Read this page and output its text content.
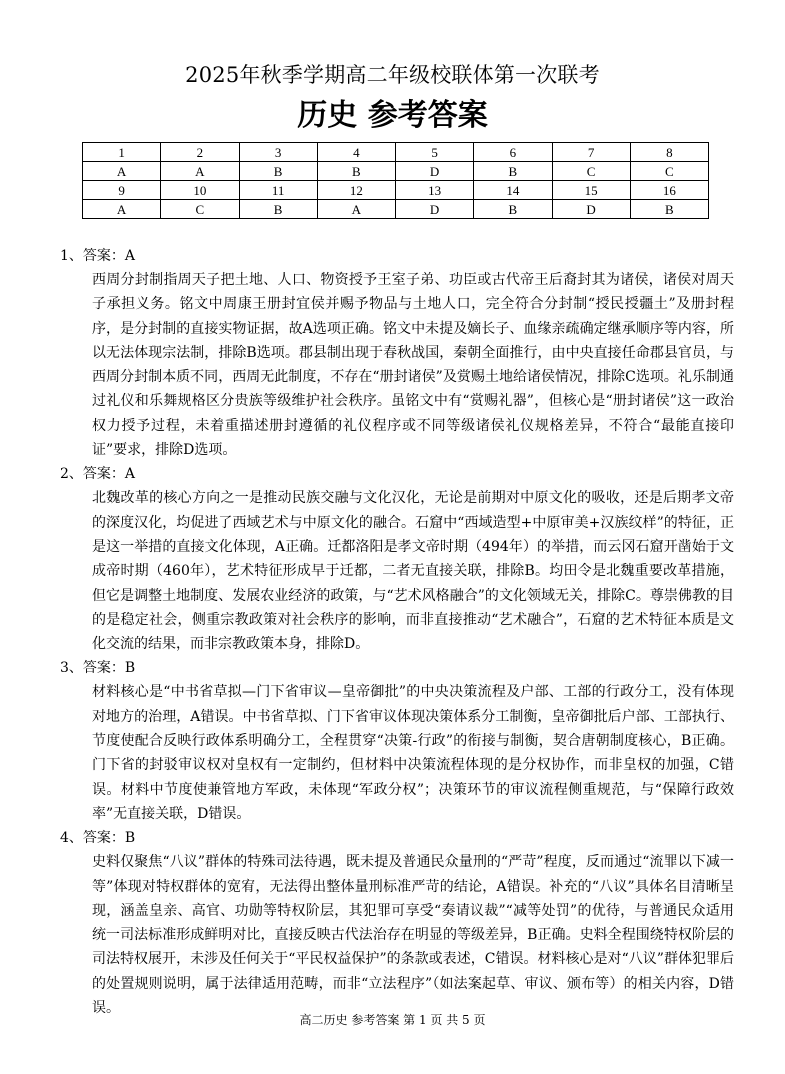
2025年秋季学期高二年级校联体第一次联考
历史 参考答案
1	2	3	4	5	6	7	8
A	A	B	B	D	B	C	C
9	10	11	12	13	14	15	16
A	C	B	A	D	B	D	B
1、答案：A
西周分封制指周天子把土地、人口、物资授予王室子弟、功臣或古代帝王后裔封其为诸侯，诸侯对周天子承担义务。铭文中周康王册封宜侯并赐予物品与土地人口，完全符合分封制“授民授疆土”及册封程序，是分封制的直接实物证据，故A选项正确。铭文中未提及嫡长子、血缘亲疏确定继承顺序等内容，所以无法体现宗法制，排除B选项。郡县制出现于春秋战国，秦朝全面推行，由中央直接任命郡县官员，与西周分封制本质不同，西周无此制度，不存在“册封诸侯”及赏赐土地给诸侯情况，排除C选项。礼乐制通过礼仪和乐舞规格区分贵族等级维护社会秩序。虽铭文中有“赏赐礼器”，但核心是“册封诸侯”这一政治权力授予过程，未着重描述册封遵循的礼仪程序或不同等级诸侯礼仪规格差异，不符合“最能直接印证”要求，排除D选项。
2、答案：A
北魏改革的核心方向之一是推动民族交融与文化汉化，无论是前期对中原文化的吸收，还是后期孝文帝的深度汉化，均促进了西域艺术与中原文化的融合。石窟中“西域造型+中原审美+汉族纹样”的特征，正是这一举措的直接文化体现，A正确。迁都洛阳是孝文帝时期（494年）的举措，而云冈石窟开凿始于文成帝时期（460年），艺术特征形成早于迁都，二者无直接关联，排除B。均田令是北魏重要改革措施，但它是调整土地制度、发展农业经济的政策，与“艺术风格融合”的文化领域无关，排除C。尊崇佛教的目的是稳定社会，侧重宗教政策对社会秩序的影响，而非直接推动“艺术融合”，石窟的艺术特征本质是文化交流的结果，而非宗教政策本身，排除D。
3、答案：B
材料核心是“中书省草拟—门下省审议—皇帝御批”的中央决策流程及户部、工部的行政分工，没有体现对地方的治理，A错误。中书省草拟、门下省审议体现决策体系分工制衡，皇帝御批后户部、工部执行、节度使配合反映行政体系明确分工，全程贯穿“决策-行政”的衔接与制衡，契合唐朝制度核心，B正确。门下省的封驳审议权对皇权有一定制约，但材料中决策流程体现的是分权协作，而非皇权的加强，C错误。材料中节度使兼管地方军政，未体现“军政分权”；决策环节的审议流程侧重规范，与“保障行政效率”无直接关联，D错误。
4、答案：B
史料仅聚焦“八议”群体的特殊司法待遇，既未提及普通民众量刑的“严苛”程度，反而通过“流罪以下减一等”体现对特权群体的宽宥，无法得出整体量刑标准严苛的结论，A错误。补充的“八议”具体名目清晰呈现，涵盖皇亲、高官、功勋等特权阶层，其犯罪可享受“奏请议裁”“减等处罚”的优待，与普通民众适用统一司法标准形成鲜明对比，直接反映古代法治存在明显的等级差异，B正确。史料全程围绕特权阶层的司法特权展开，未涉及任何关于“平民权益保护”的条款或表述，C错误。材料核心是对“八议”群体犯罪后的处置规则说明，属于法律适用范畴，而非“立法程序”（如法案起草、审议、颁布等）的相关内容，D错误。
高二历史 参考答案 第 1 页 共 5 页
